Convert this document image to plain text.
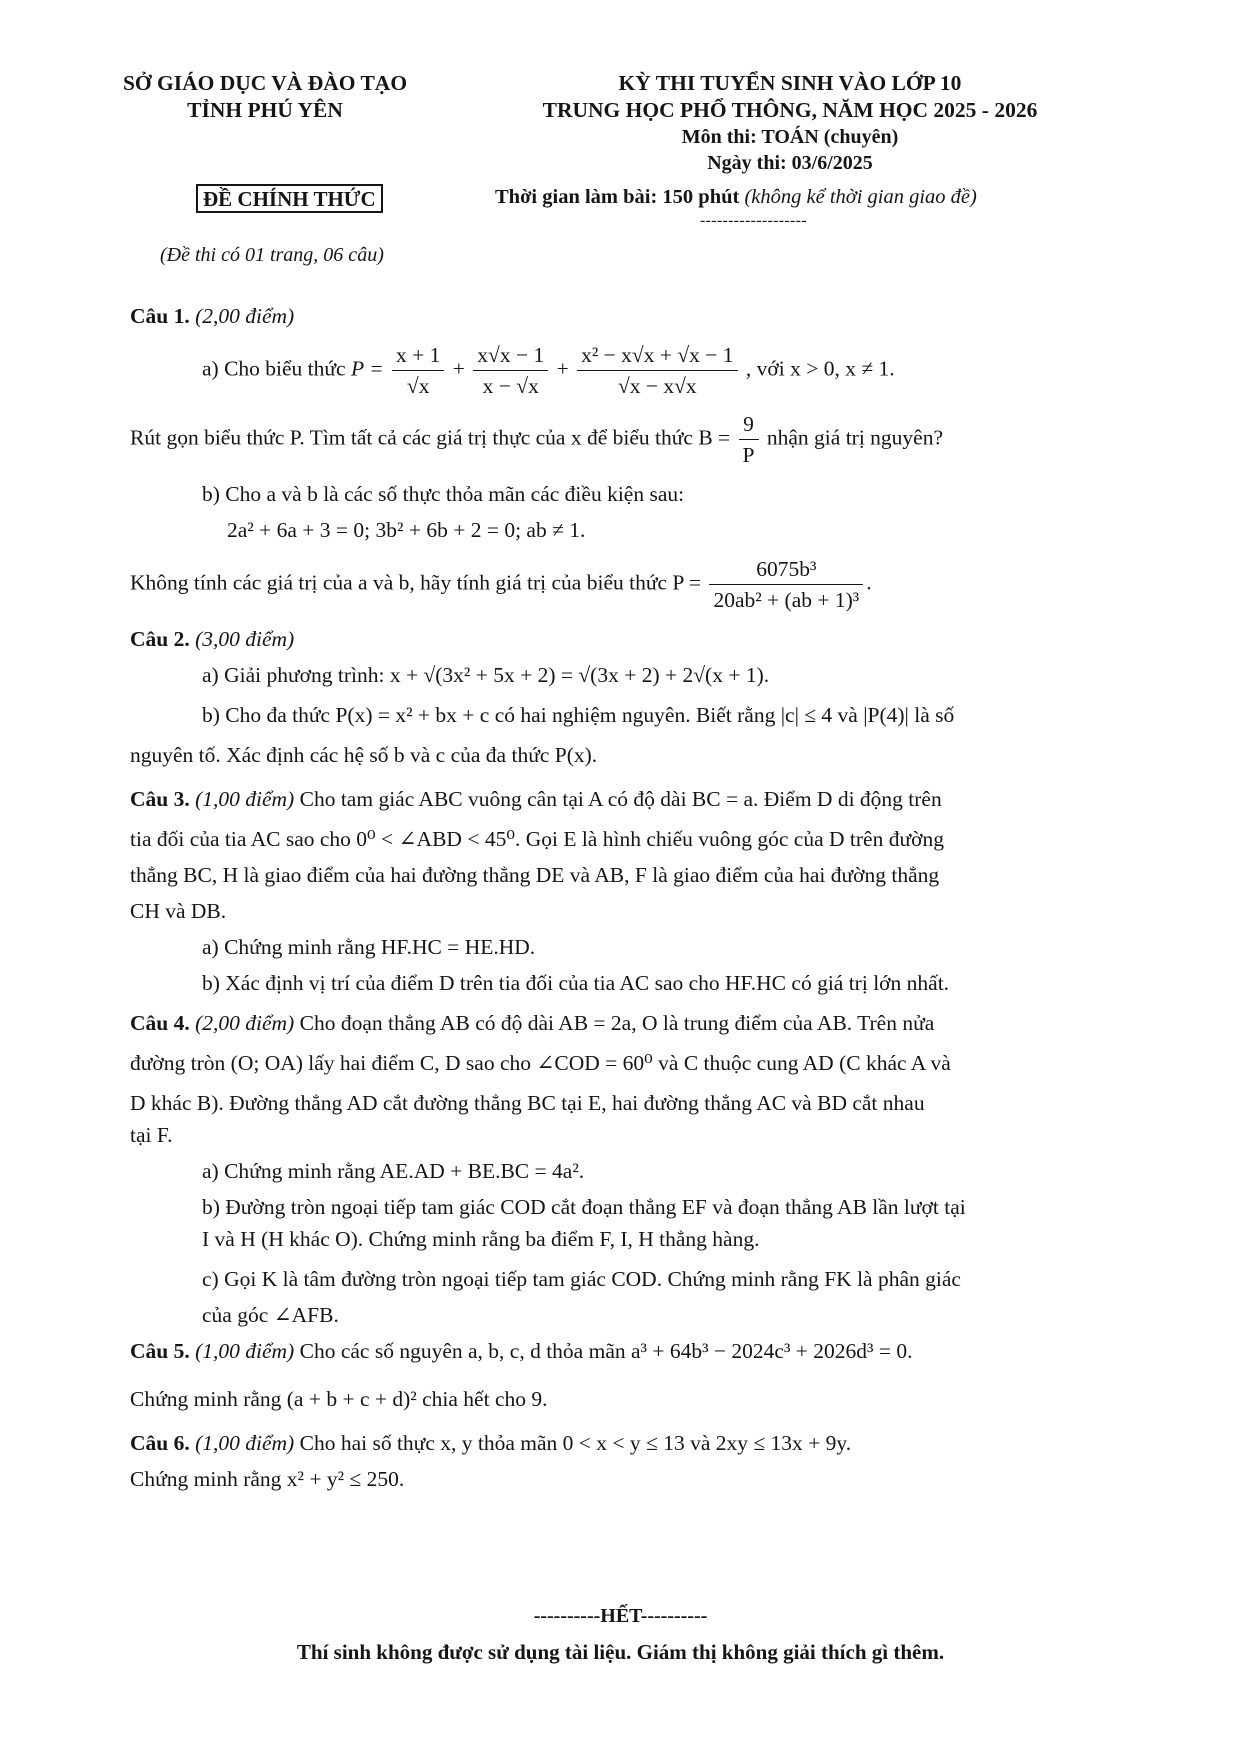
SỞ GIÁO DỤC VÀ ĐÀO TẠO
TỈNH PHÚ YÊN
KỲ THI TUYỂN SINH VÀO LỚP 10
TRUNG HỌC PHỔ THÔNG, NĂM HỌC 2025 - 2026
Môn thi: TOÁN (chuyên)
Ngày thi: 03/6/2025
ĐỀ CHÍNH THỨC	Thời gian làm bài: 150 phút (không kể thời gian giao đề)
-------------------
(Đề thi có 01 trang, 06 câu)
Câu 1. (2,00 điểm)
a) Cho biểu thức $P = \frac{x + 1}{√x} + \frac{x√x - 1}{x - √x} + \frac{\text{x² − x√x + √x − 1}}{√x - x√x}$ , với x > 0, x ≠ 1.
Rút gọn biểu thức P. Tìm tất cả các giá trị thực của x để biểu thức $B = \frac{9}{P}$ nhận giá trị nguyên?
b) Cho a và b là các số thực thỏa mãn các điều kiện sau:
2a² + 6a + 3 = 0; 3b² + 6b + 2 = 0; ab ≠ 1.
Không tính các giá trị của a và b, hãy tính giá trị của biểu thức $P = \frac{\text{6075b³}}{\text{20ab² + (ab + 1)³}}$ .
Câu 2. (3,00 điểm)
a) Giải phương trình: x + √(3x² + 5x + 2) = √(3x + 2) + 2√(x + 1).
b) Cho đa thức P(x) = x² + bx + c có hai nghiệm nguyên. Biết rằng |c| ≤ 4 và |P(4)| là số
nguyên tố. Xác định các hệ số b và c của đa thức P(x).
Câu 3. (1,00 điểm) Cho tam giác ABC vuông cân tại A có độ dài BC = a. Điểm D di động trên
tia đối của tia AC sao cho 0⁰ < ∠ABD < 45⁰. Gọi E là hình chiếu vuông góc của D trên đường
thẳng BC, H là giao điểm của hai đường thẳng DE và AB, F là giao điểm của hai đường thẳng
CH và DB.
a) Chứng minh rằng HF.HC = HE.HD.
b) Xác định vị trí của điểm D trên tia đối của tia AC sao cho HF.HC có giá trị lớn nhất.
Câu 4. (2,00 điểm) Cho đoạn thẳng AB có độ dài AB = 2a, O là trung điểm của AB. Trên nửa
đường tròn (O; OA) lấy hai điểm C, D sao cho ∠COD = 60⁰ và C thuộc cung AD (C khác A và
D khác B). Đường thẳng AD cắt đường thẳng BC tại E, hai đường thẳng AC và BD cắt nhau
tại F.
a) Chứng minh rằng AE.AD + BE.BC = 4a².
b) Đường tròn ngoại tiếp tam giác COD cắt đoạn thẳng EF và đoạn thẳng AB lần lượt tại
I và H (H khác O). Chứng minh rằng ba điểm F, I, H thẳng hàng.
c) Gọi K là tâm đường tròn ngoại tiếp tam giác COD. Chứng minh rằng FK là phân giác
của góc ∠AFB.
Câu 5. (1,00 điểm) Cho các số nguyên a, b, c, d thỏa mãn a³ + 64b³ − 2024c³ + 2026d³ = 0.
Chứng minh rằng (a + b + c + d)² chia hết cho 9.
Câu 6. (1,00 điểm) Cho hai số thực x, y thỏa mãn 0 < x < y ≤ 13 và 2xy ≤ 13x + 9y.
Chứng minh rằng x² + y² ≤ 250.
----------HẾT----------
Thí sinh không được sử dụng tài liệu. Giám thị không giải thích gì thêm.
